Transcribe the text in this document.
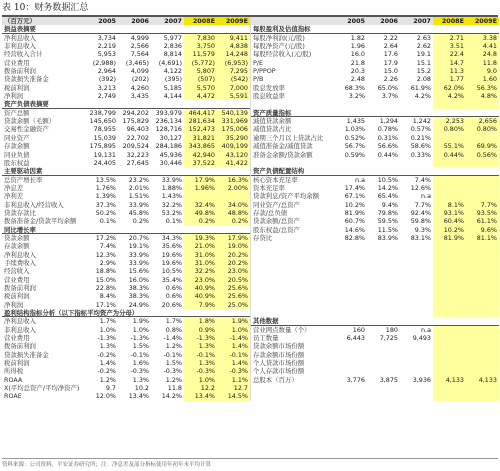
表 10：财务数据汇总
（百万元）	2005	2006	2007	2008E	2009E
损益表摘要
净利息收入	3,734	4,999	5,977	7,830	9,411
非利息收入	2,219	2,566	2,836	3,750	4,838
经营收入合计	5,953	7,564	8,814	11,579	14,248
营业费用	(2,988)	(3,465)	(4,691)	(5,772)	(6,953)
拨备前利润	2,964	4,099	4,122	5,807	7,295
贷款损失准备金	(392)	(202)	(395)	(507)	(542)
税前利润	3,213	4,260	5,185	5,570	7,000
净利润	2,749	3,435	4,144	4,472	5,591
资产负债表摘要
资产总额	238,799	294,202	393,979	464,417	540,139
贷款余额（毛额）	145,650	175,829	236,134	281,634	331,969
交易性金融资产	78,955	96,403	128,716	152,473	175,006
同业资产	15,039	22,702	30,127	31,821	35,290
存款余额	175,895	209,524	284,186	343,865	409,199
同业负债	19,131	32,223	45,936	42,940	43,120
股东权益	24,405	27,645	30,446	37,522	41,422
主要驱动因素
总资产增长率	13.5%	23.2%	33.9%	17.9%	16.3%
净息差	1.76%	2.01%	1.88%	1.96%	2.00%
净利差	1.39%	1.51%	1.43%
非利息收入/经营收入	37.3%	33.9%	32.2%	32.4%	34.0%
贷款存款比	50.2%	45.8%	53.2%	49.8%	48.8%
拨备准备金/贷款平均余额	0.1%	0.2%	0.1%	0.2%	0.2%
同比增长率
贷款余额	17.2%	20.7%	34.3%	19.3%	17.9%
存款余额	7.4%	19.1%	35.6%	21.0%	19.0%
净利息收入	12.3%	33.9%	19.6%	31.0%	20.2%
手续费收入	2.9%	33.9%	19.6%	31.0%	20.2%
经营收入	18.8%	15.6%	10.5%	32.2%	23.0%
营业费用	15.0%	16.0%	35.4%	23.0%	20.5%
拨备前利润	22.8%	38.3%	0.6%	40.9%	25.6%
税前利润	8.4%	38.3%	0.6%	40.9%	25.6%
净利润	17.1%	24.9%	20.6%	7.9%	25.0%
盈利结构指标分析（以下指标平均资产为分母）
净利息收入	1.7%	1.9%	1.7%	1.8%	1.9%
非利息收入	1.0%	1.0%	0.8%	0.9%	1.0%
营业费用	-1.3%	-1.3%	-1.4%	-1.3%	-1.4%
拨备前利润	1.3%	1.5%	1.2%	1.3%	1.4%
贷款损失准备金	-0.2%	-0.1%	-0.1%	-0.1%	-0.1%
税前利润	1.4%	1.6%	1.5%	1.3%	1.4%
所得税	-0.2%	-0.3%	-0.3%	-0.3%	-0.3%
ROAA	1.2%	1.3%	1.2%	1.0%	1.1%
X(平均总资产/平均净资产)	9.7	10.2	11.8	12.2	12.7
ROAE	12.0%	13.4%	14.2%	13.4%	14.5%
2005	2006	2007	2008E	2009E
每股盈利及估值指标
每股净利润(元/股)	1.82	2.22	2.63	2.71	3.38
每股净资产(元/股)	1.96	2.64	2.62	3.51	4.41
每股经营收入(元/股)	16.0	17.6	19.1	22.4	24.8
P/E	21.8	17.9	15.1	14.7	11.8
P/PPOP	20.3	15.0	15.2	11.3	9.0
P/B	2.48	2.26	2.08	1.77	1.60
股息发放率	68.3%	65.0%	61.9%	62.0%	56.3%
股息收益率	3.2%	3.7%	4.2%	4.2%	4.8%
资产质量指标
減值贷款余额	1,435	1,294	1,242	2,253	2,656
减值贷款占比	1.03%	0.78%	0.57%	0.80%	0.80%
逾期三个月以上贷款占比	0.52%	0.31%	0.21%
减值准备金/减值贷款	56.7%	56.6%	58.6%	55.1%	69.9%
准备金余额/贷款余额	0.59%	0.44%	0.33%	0.44%	0.56%
资产负债配置结构
核心资本充足率	n.a	10.5%	7.4%
资本充足率	17.4%	14.2%	12.6%
贷款利息/资产平均余额	67.1%	65.4%	n.a
同业资产/总资产	10.2%	9.4%	7.7%	8.1%	7.7%
存款/总负债	81.9%	79.8%	92.4%	93.1%	93.5%
贷款余额/总资产	60.7%	59.5%	59.8%	60.4%	61.1%
股东权益/总资产	14.6%	11.5%	9.3%	10.2%	9.6%
存贷比	82.8%	83.9%	83.1%	81.9%	81.1%
其他数据
营业网点数量（个）	160	180	n.a
员工数量	6,443	7,725	9,493
贷款余额市场份额
存款余额市场份额
个人贷款市场份额
个人存款市场份额
总股本（百万）	3,776	3,875	3,936	4,133	4,133
资料来源：公司资料，平安证券研究所；注：净息差及部分指标使用年初年末平均计算
